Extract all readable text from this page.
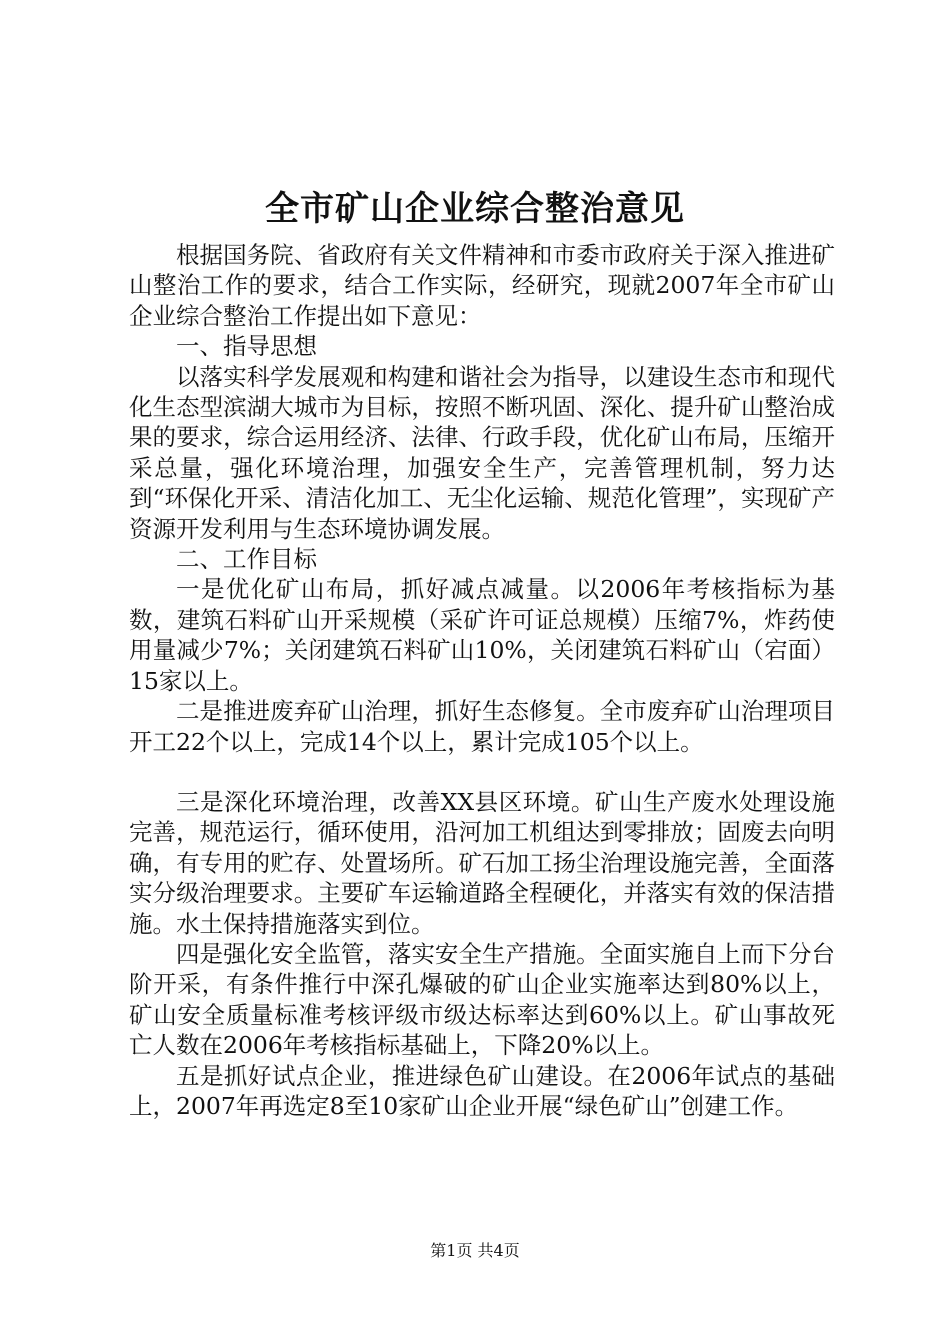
全市矿山企业综合整治意见

根据国务院、省政府有关文件精神和市委市政府关于深入推进矿山整治工作的要求，结合工作实际，经研究，现就2007年全市矿山企业综合整治工作提出如下意见：

一、指导思想

以落实科学发展观和构建和谐社会为指导，以建设生态市和现代化生态型滨湖大城市为目标，按照不断巩固、深化、提升矿山整治成果的要求，综合运用经济、法律、行政手段，优化矿山布局，压缩开采总量，强化环境治理，加强安全生产，完善管理机制，努力达到“环保化开采、清洁化加工、无尘化运输、规范化管理”，实现矿产资源开发利用与生态环境协调发展。

二、工作目标

一是优化矿山布局，抓好减点减量。以2006年考核指标为基数，建筑石料矿山开采规模（采矿许可证总规模）压缩7%，炸药使用量减少7%；关闭建筑石料矿山10%，关闭建筑石料矿山（宕面）15家以上。

二是推进废弃矿山治理，抓好生态修复。全市废弃矿山治理项目开工22个以上，完成14个以上，累计完成105个以上。

三是深化环境治理，改善XX县区环境。矿山生产废水处理设施完善，规范运行，循环使用，沿河加工机组达到零排放；固废去向明确，有专用的贮存、处置场所。矿石加工扬尘治理设施完善，全面落实分级治理要求。主要矿车运输道路全程硬化，并落实有效的保洁措施。水土保持措施落实到位。

四是强化安全监管，落实安全生产措施。全面实施自上而下分台阶开采，有条件推行中深孔爆破的矿山企业实施率达到80%以上，矿山安全质量标准考核评级市级达标率达到60%以上。矿山事故死亡人数在2006年考核指标基础上，下降20%以上。

五是抓好试点企业，推进绿色矿山建设。在2006年试点的基础上，2007年再选定8至10家矿山企业开展“绿色矿山”创建工作。

第1页 共4页
